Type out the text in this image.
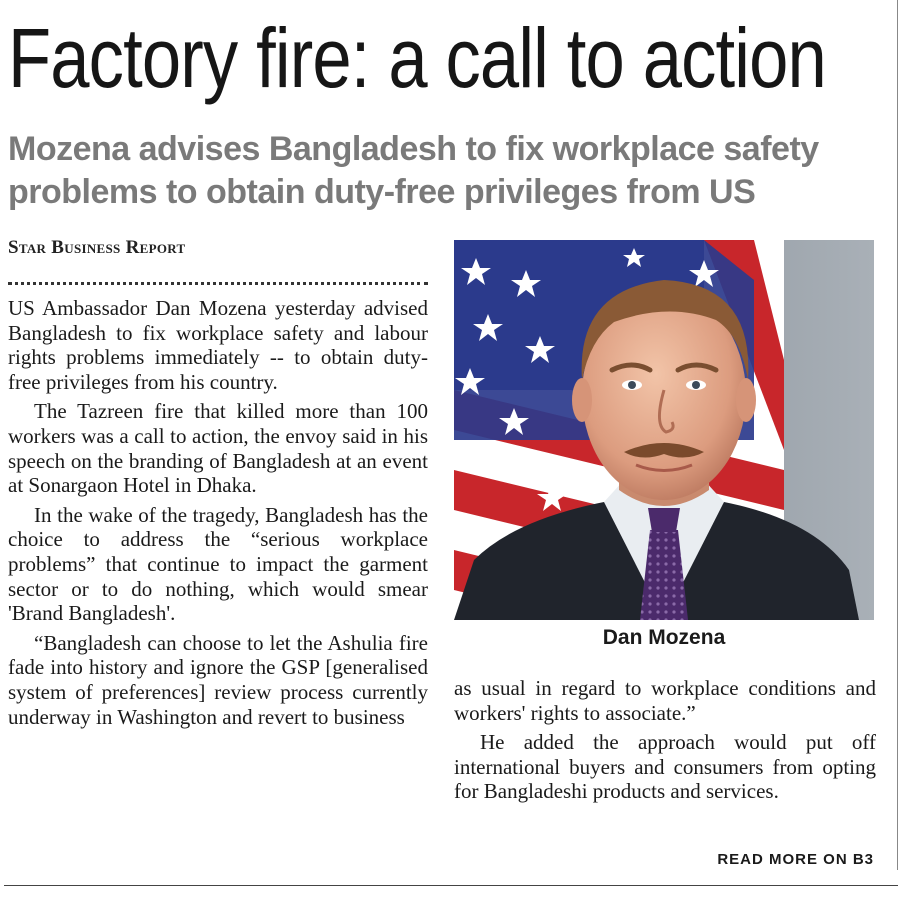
Factory fire: a call to action
Mozena advises Bangladesh to fix workplace safety
problems to obtain duty-free privileges from US
Star Business Report

US Ambassador Dan Mozena yesterday advised Bangladesh to fix workplace safety and labour rights problems immediately -- to obtain duty-free privileges from his country.

The Tazreen fire that killed more than 100 workers was a call to action, the envoy said in his speech on the branding of Bangladesh at an event at Sonargaon Hotel in Dhaka.

In the wake of the tragedy, Bangladesh has the choice to address the “serious workplace problems” that continue to impact the garment sector or to do nothing, which would smear 'Brand Bangladesh'.

“Bangladesh can choose to let the Ashulia fire fade into history and ignore the GSP [generalised system of preferences] review process currently underway in Washington and revert to business

Dan Mozena

as usual in regard to workplace conditions and workers' rights to associate.”

He added the approach would put off international buyers and consumers from opting for Bangladeshi products and services.

READ MORE ON B3
